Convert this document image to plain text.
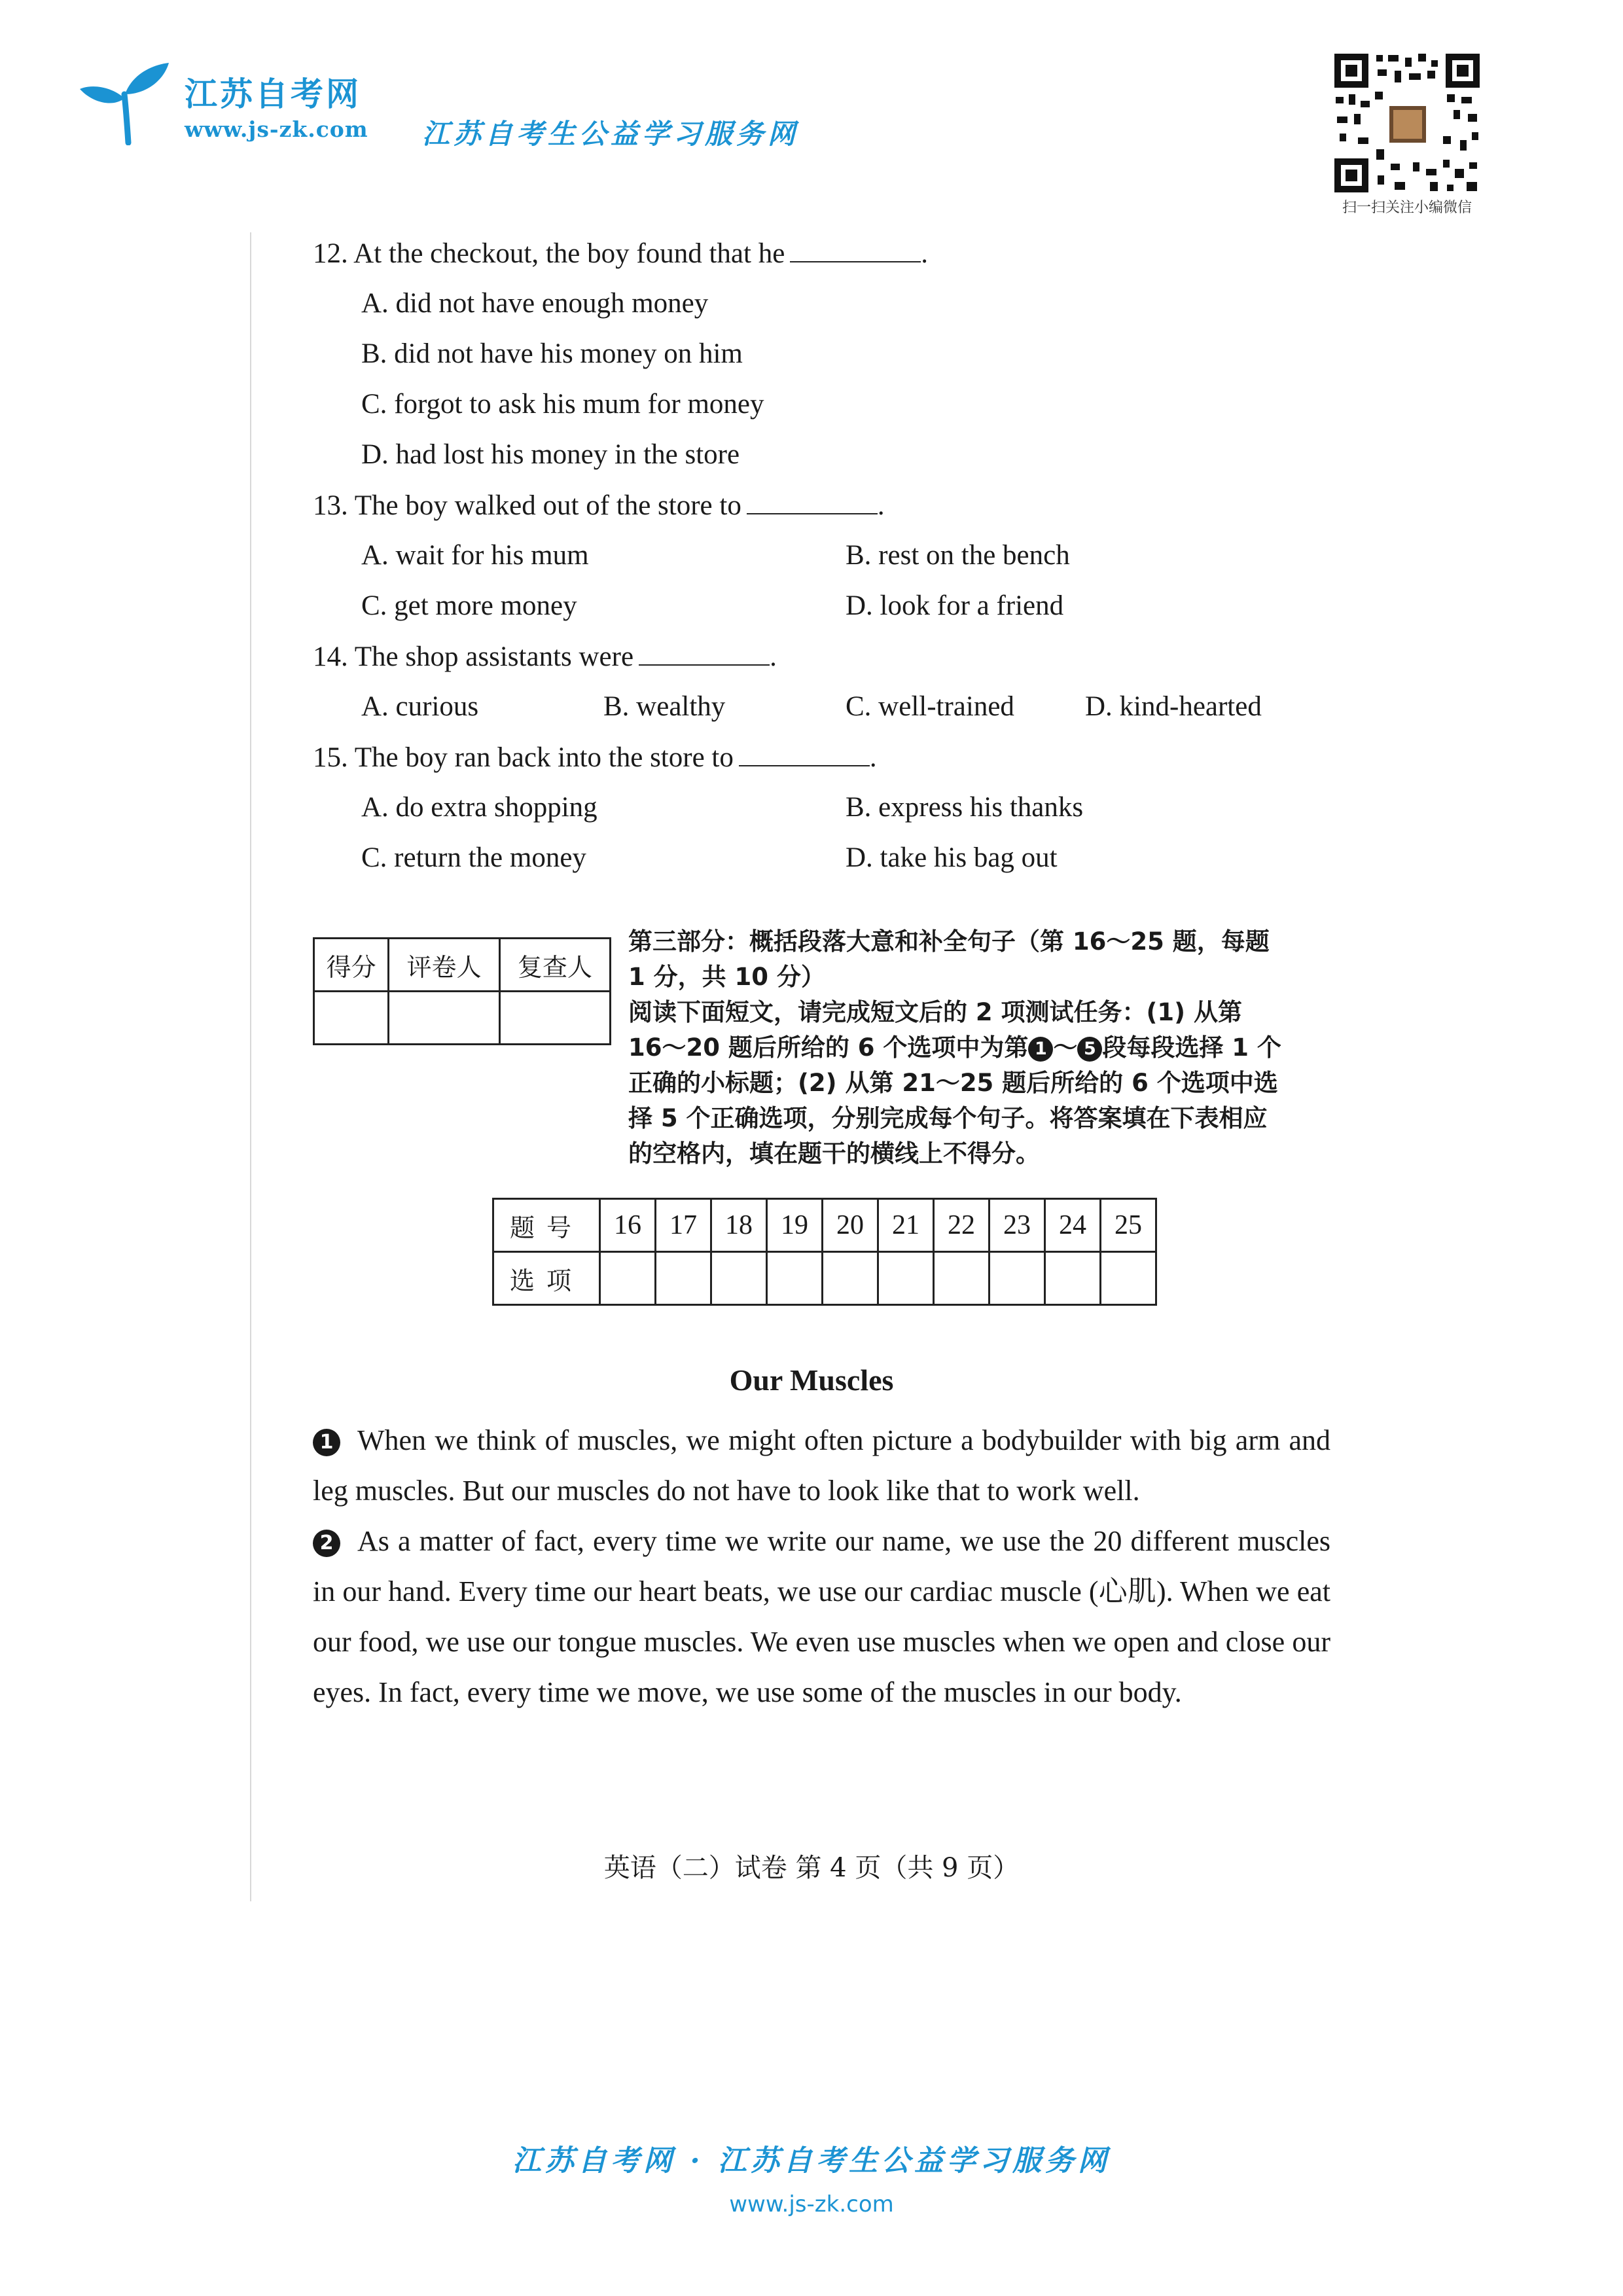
江苏自考网
www.js-zk.com 江苏自考生公益学习服务网
扫一扫关注小编微信
12. At the checkout, the boy found that he	.
A. did not have enough money
B. did not have his money on him
C. forgot to ask his mum for money
D. had lost his money in the store
13. The boy walked out of the store to	.
A. wait for his mum	B. rest on the bench
C. get more money	D. look for a friend
14. The shop assistants were	.
A. curious	B. wealthy	C. well-trained	D. kind-hearted
15. The boy ran back into the store to	.
A. do extra shopping	B. express his thanks
C. return the money	D. take his bag out
得分	评卷人	复查人

第三部分：概括段落大意和补全句子（第 16～25 题，每题
1 分，共 10 分）
阅读下面短文，请完成短文后的 2 项测试任务：(1) 从第
16～20 题后所给的 6 个选项中为第 1 ～ 5 段每段选择 1 个
正确的小标题；(2) 从第 21～25 题后所给的 6 个选项中选
择 5 个正确选项，分别完成每个句子。将答案填在下表相应
的空格内，填在题干的横线上不得分。
题号	16	17	18	19	20	21	22	23	24	25
选项										
Our Muscles
1 When we think of muscles, we might often picture a bodybuilder with big arm and leg muscles. But our muscles do not have to look like that to work well.
2 As a matter of fact, every time we write our name, we use the 20 different muscles in our hand. Every time our heart beats, we use our cardiac muscle (心肌). When we eat our food, we use our tongue muscles. We even use muscles when we open and close our eyes. In fact, every time we move, we use some of the muscles in our body.
英语（二）试卷 第 4 页（共 9 页）
江苏自考网 · 江苏自考生公益学习服务网
www.js-zk.com
